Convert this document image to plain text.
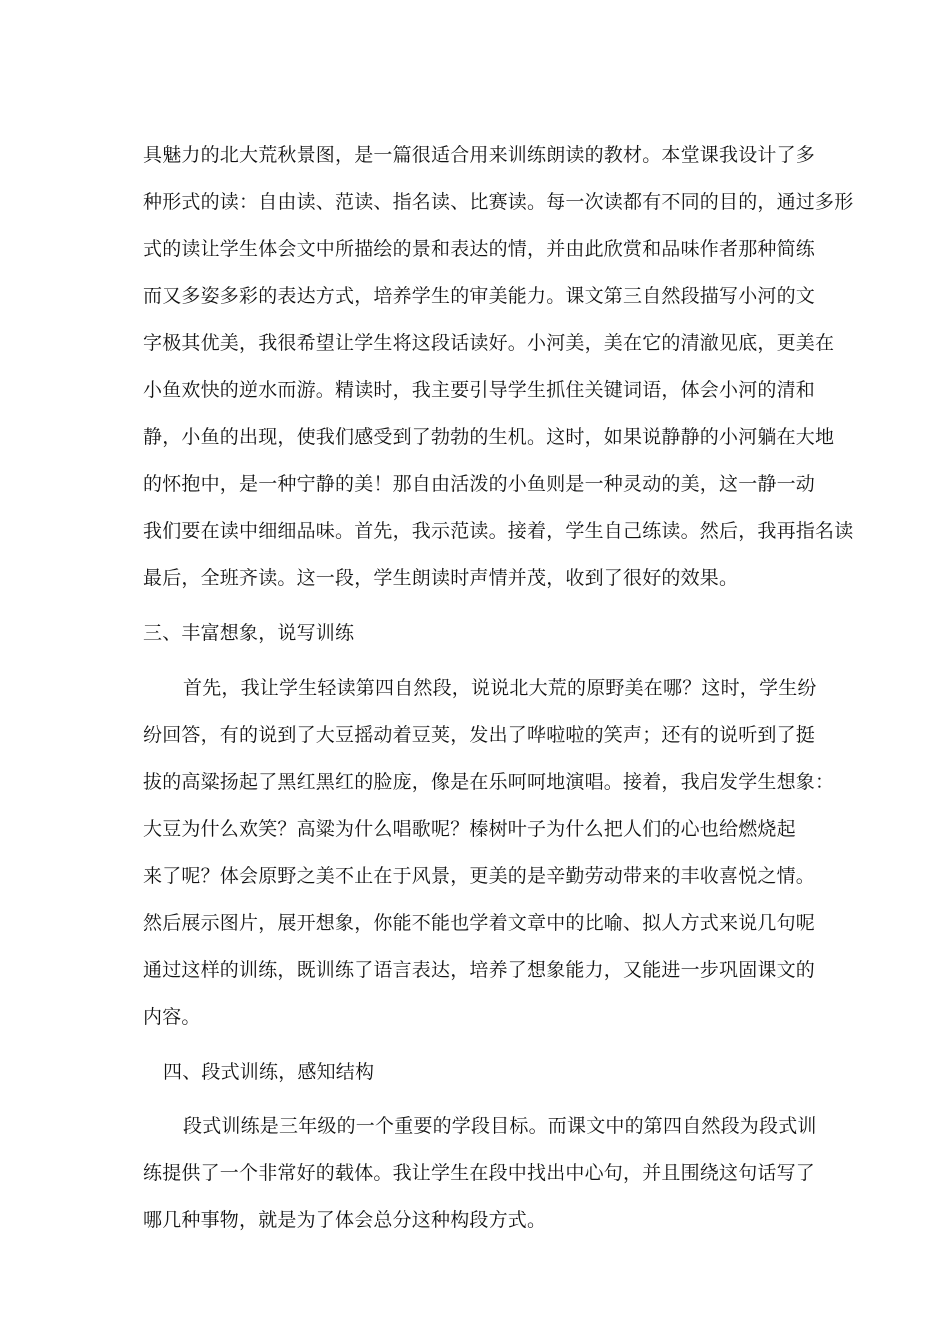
具魅力的北大荒秋景图，是一篇很适合用来训练朗读的教材。本堂课我设计了多

种形式的读：自由读、范读、指名读、比赛读。每一次读都有不同的目的，通过多形

式的读让学生体会文中所描绘的景和表达的情，并由此欣赏和品味作者那种简练

而又多姿多彩的表达方式，培养学生的审美能力。课文第三自然段描写小河的文

字极其优美，我很希望让学生将这段话读好。小河美，美在它的清澈见底，更美在

小鱼欢快的逆水而游。精读时，我主要引导学生抓住关键词语，体会小河的清和

静，小鱼的出现，使我们感受到了勃勃的生机。这时，如果说静静的小河躺在大地

的怀抱中，是一种宁静的美！那自由活泼的小鱼则是一种灵动的美，这一静一动

我们要在读中细细品味。首先，我示范读。接着，学生自己练读。然后，我再指名读

最后，全班齐读。这一段，学生朗读时声情并茂，收到了很好的效果。

三、丰富想象，说写训练

首先，我让学生轻读第四自然段，说说北大荒的原野美在哪？这时，学生纷

纷回答，有的说到了大豆摇动着豆荚，发出了哗啦啦的笑声；还有的说听到了挺

拔的高粱扬起了黑红黑红的脸庞，像是在乐呵呵地演唱。接着，我启发学生想象：

大豆为什么欢笑？高粱为什么唱歌呢？榛树叶子为什么把人们的心也给燃烧起

来了呢？体会原野之美不止在于风景，更美的是辛勤劳动带来的丰收喜悦之情。

然后展示图片，展开想象，你能不能也学着文章中的比喻、拟人方式来说几句呢

通过这样的训练，既训练了语言表达，培养了想象能力，又能进一步巩固课文的

内容。

四、段式训练，感知结构

段式训练是三年级的一个重要的学段目标。而课文中的第四自然段为段式训

练提供了一个非常好的载体。我让学生在段中找出中心句，并且围绕这句话写了

哪几种事物，就是为了体会总分这种构段方式。
